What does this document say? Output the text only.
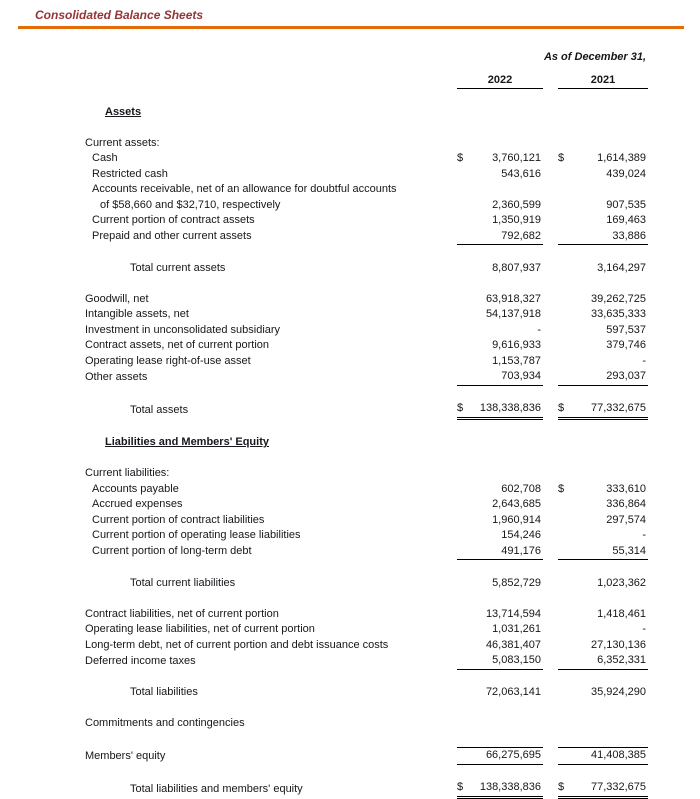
Consolidated Balance Sheets
	As of December 31,				

	2022			2021	

Assets					

Current assets:					
Cash	$	3,760,121		$	1,614,389
Restricted cash		543,616			439,024
Accounts receivable, net of an allowance for doubtful accounts					
of $58,660 and $32,710, respectively		2,360,599			907,535
Current portion of contract assets		1,350,919			169,463
Prepaid and other current assets		792,682			33,886

Total current assets		8,807,937			3,164,297

Goodwill, net		63,918,327			39,262,725
Intangible assets, net		54,137,918			33,635,333
Investment in unconsolidated subsidiary		-			597,537
Contract assets, net of current portion		9,616,933			379,746
Operating lease right-of-use asset		1,153,787			-
Other assets		703,934			293,037

Total assets	$	138,338,836		$	77,332,675

Liabilities and Members' Equity					

Current liabilities:					
Accounts payable		602,708		$	333,610
Accrued expenses		2,643,685			336,864
Current portion of contract liabilities		1,960,914			297,574
Current portion of operating lease liabilities		154,246			-
Current portion of long-term debt		491,176			55,314

Total current liabilities		5,852,729			1,023,362

Contract liabilities, net of current portion		13,714,594			1,418,461
Operating lease liabilities, net of current portion		1,031,261			-
Long-term debt, net of current portion and debt issuance costs		46,381,407			27,130,136
Deferred income taxes		5,083,150			6,352,331

Total liabilities		72,063,141			35,924,290

Commitments and contingencies					

Members' equity		66,275,695			41,408,385

Total liabilities and members' equity	$	138,338,836		$	77,332,675
